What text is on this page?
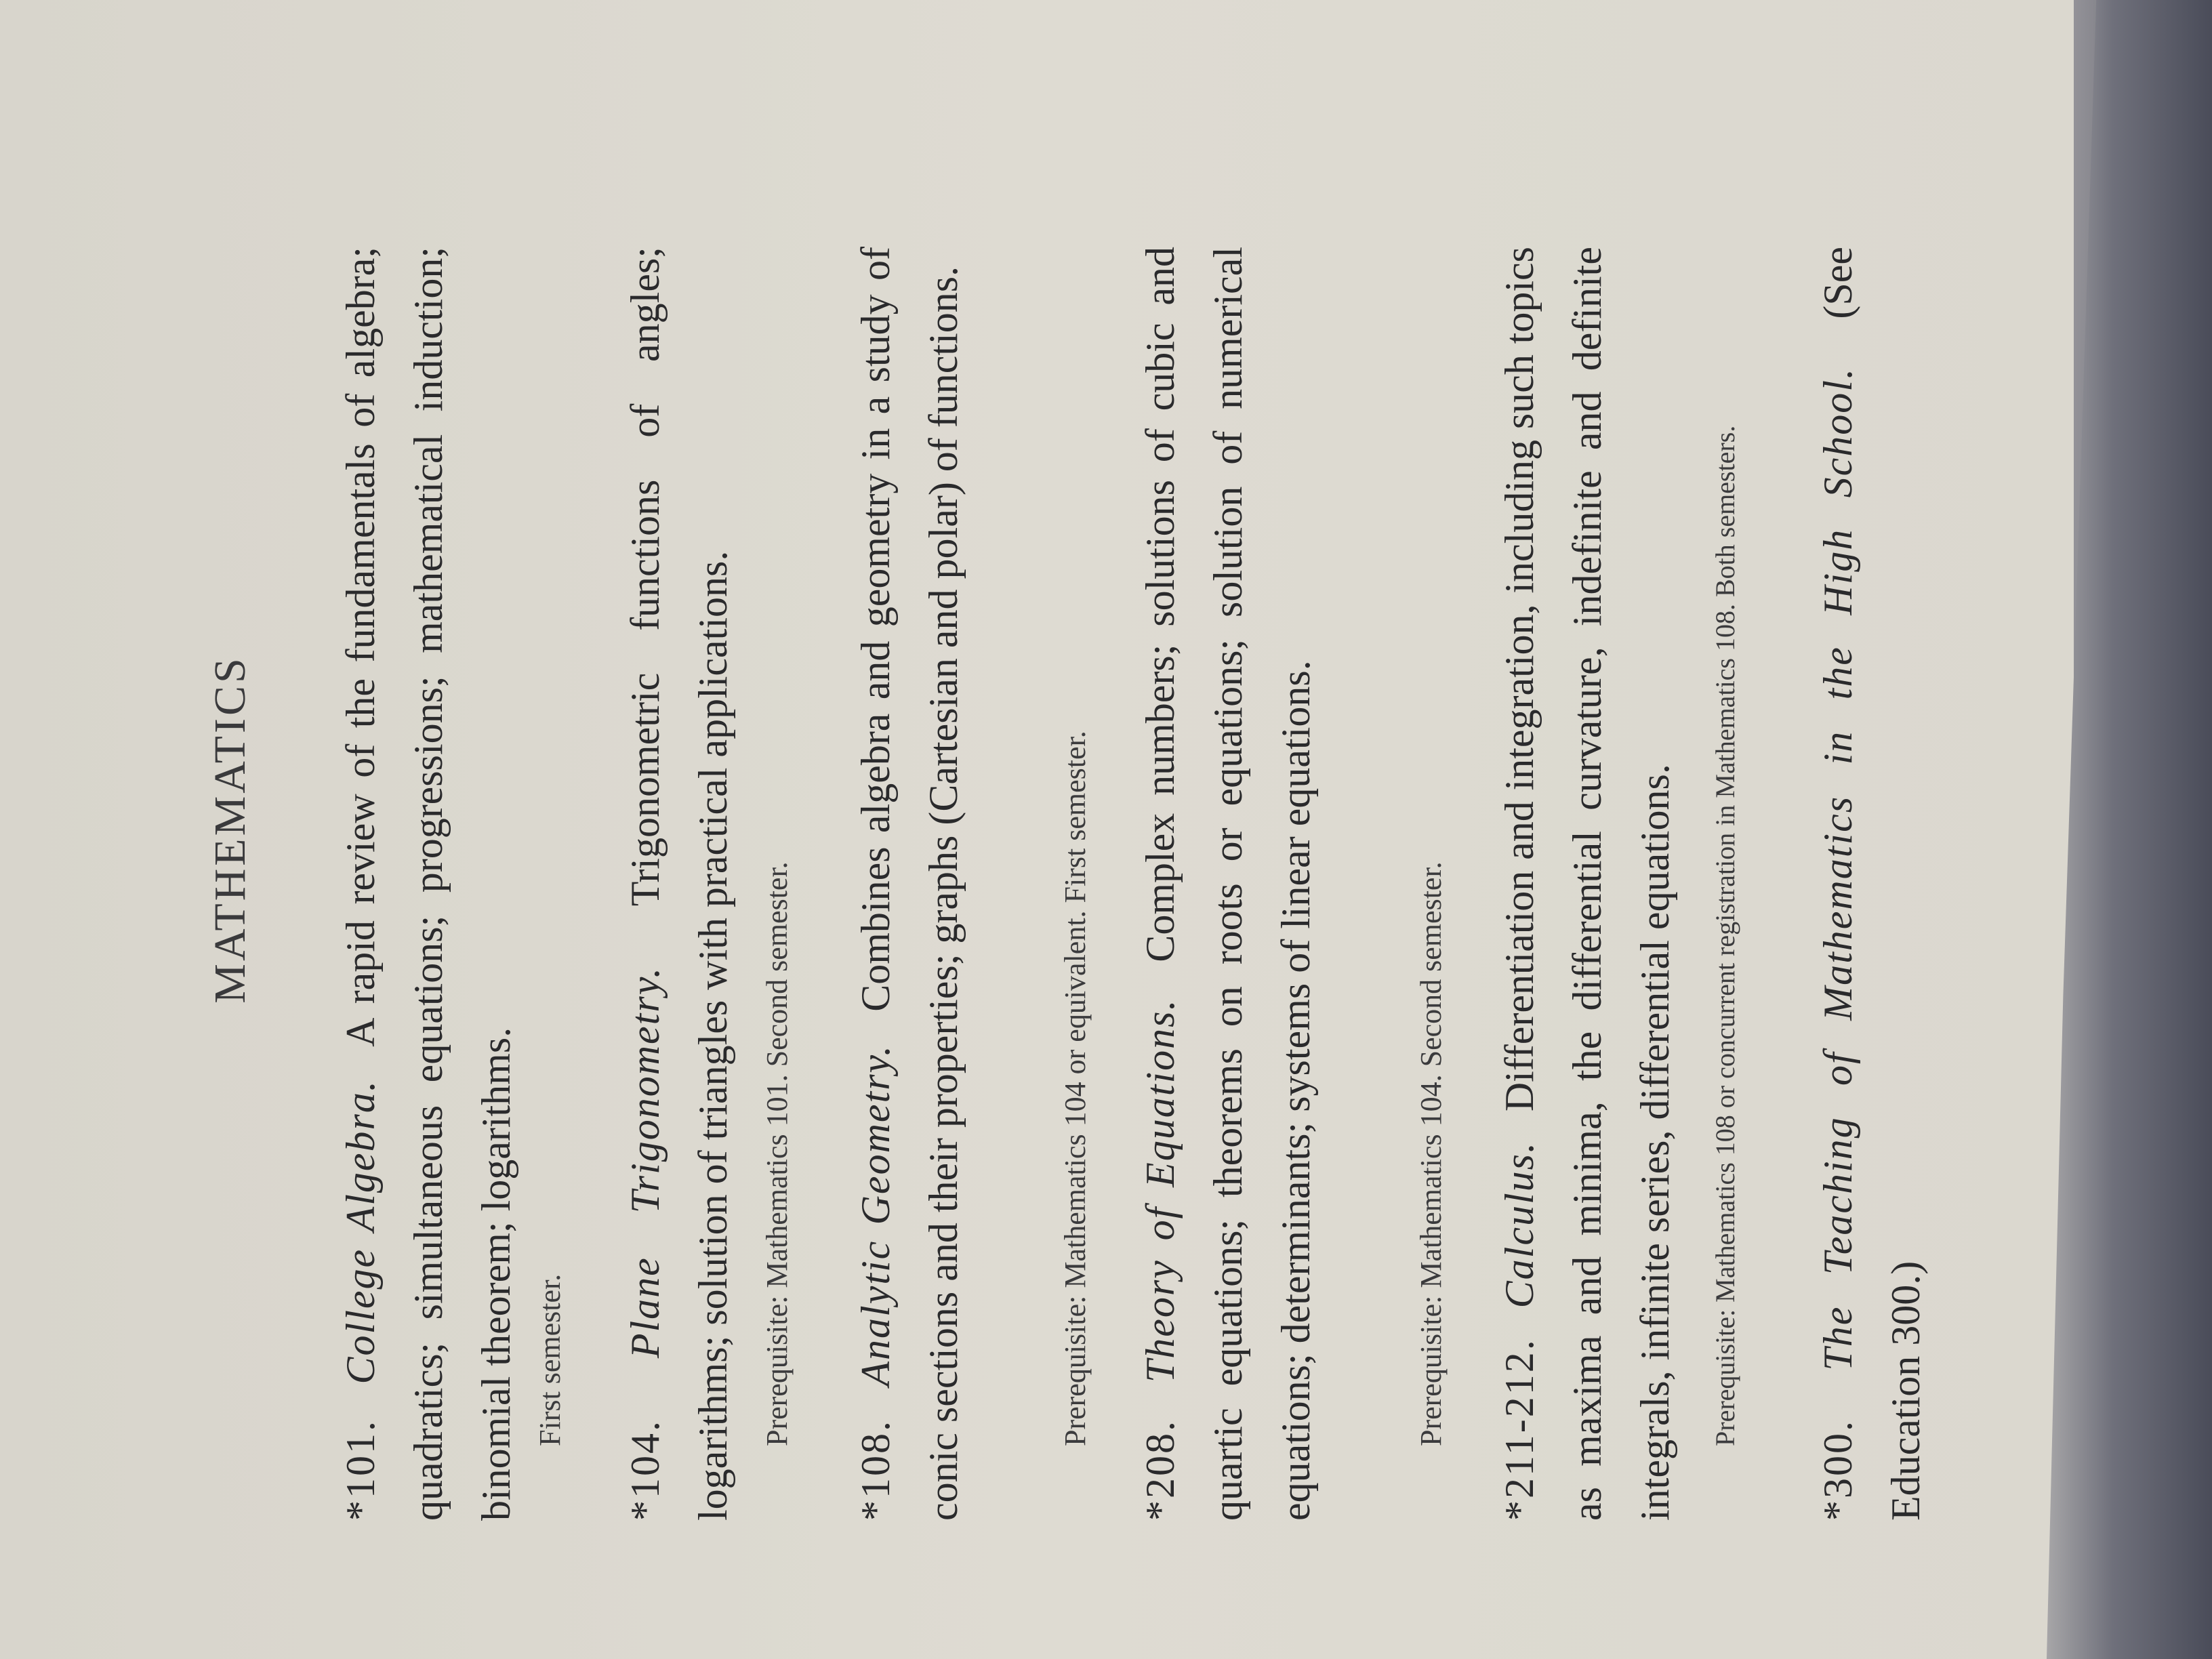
MATHEMATICS
*101. College Algebra. A rapid review of the fundamentals of algebra; quadratics; simultaneous equations; progressions; mathematical induction; binomial theorem; logarithms. First semester.
*104. Plane Trigonometry. Trigonometric functions of angles; logarithms; solution of triangles with practical applications. Prerequisite: Mathematics 101. Second semester.
*108. Analytic Geometry. Combines algebra and geometry in a study of conic sections and their properties; graphs (Cartesian and polar) of functions.	Prerequisite: Mathematics 104 or equivalent. First semester.
*208. Theory of Equations. Complex numbers; solutions of cubic and quartic equations; theorems on roots or equations; solution of numerical equations; determinants; systems of linear equations.	Prerequisite: Mathematics 104. Second semester. *211-212. Calculus. Differentiation and integration, including such topics as maxima and minima, the differential curvature, indefinite and definite integrals, infinite series, differential equations.	Prerequisite: Mathematics 108 or concurrent registration in Mathematics 108. Both semesters.
*300. The Teaching of Mathematics in the High School. (See Education 300.)
